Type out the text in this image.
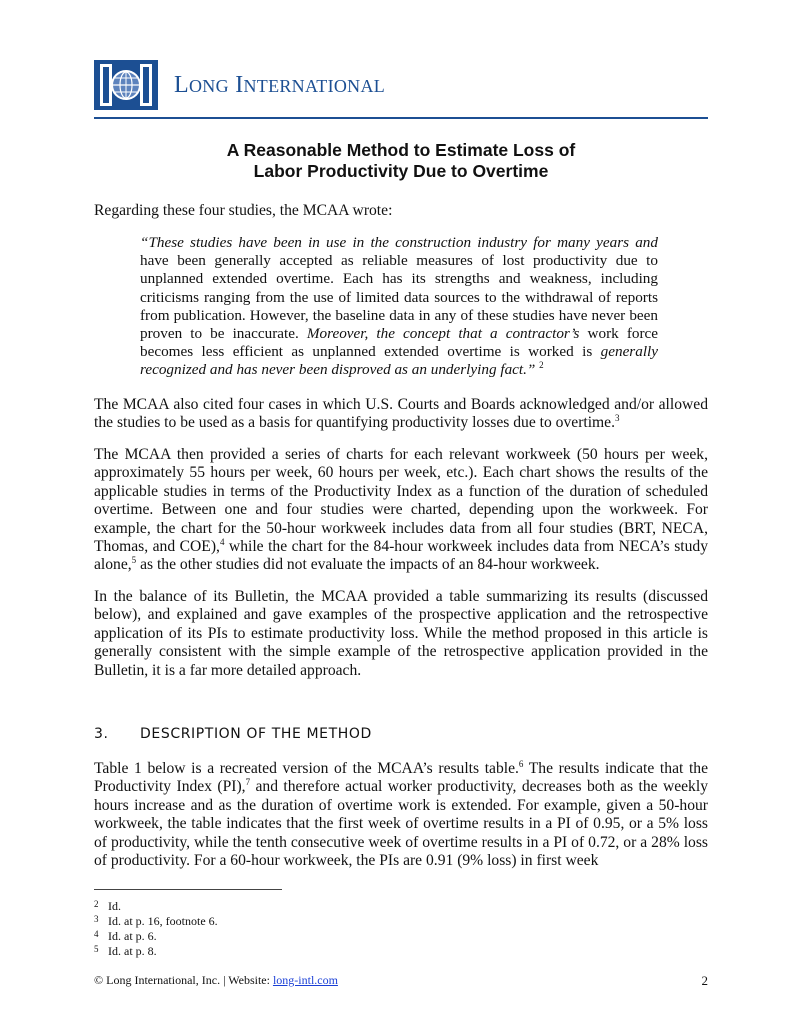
LONG INTERNATIONAL
A Reasonable Method to Estimate Loss of
Labor Productivity Due to Overtime
Regarding these four studies, the MCAA wrote:
“These studies have been in use in the construction industry for many years and have been generally accepted as reliable measures of lost productivity due to unplanned extended overtime. Each has its strengths and weakness, including criticisms ranging from the use of limited data sources to the withdrawal of reports from publication. However, the baseline data in any of these studies have never been proven to be inaccurate. Moreover, the concept that a contractor’s work force becomes less efficient as unplanned extended overtime is worked is generally recognized and has never been disproved as an underlying fact.” $^2$
The MCAA also cited four cases in which U.S. Courts and Boards acknowledged and/or allowed the studies to be used as a basis for quantifying productivity losses due to overtime.$^3$
The MCAA then provided a series of charts for each relevant workweek (50 hours per week, approximately 55 hours per week, 60 hours per week, etc.). Each chart shows the results of the applicable studies in terms of the Productivity Index as a function of the duration of scheduled overtime. Between one and four studies were charted, depending upon the workweek. For example, the chart for the 50-hour workweek includes data from all four studies (BRT, NECA, Thomas, and COE),$^4$ while the chart for the 84-hour workweek includes data from NECA’s study alone,$^5$ as the other studies did not evaluate the impacts of an 84-hour workweek.
In the balance of its Bulletin, the MCAA provided a table summarizing its results (discussed below), and explained and gave examples of the prospective application and the retrospective application of its PIs to estimate productivity loss. While the method proposed in this article is generally consistent with the simple example of the retrospective application provided in the Bulletin, it is a far more detailed approach.
3. DESCRIPTION OF THE METHOD
Table 1 below is a recreated version of the MCAA’s results table.$^6$ The results indicate that the Productivity Index (PI),$^7$ and therefore actual worker productivity, decreases both as the weekly hours increase and as the duration of overtime work is extended. For example, given a 50-hour workweek, the table indicates that the first week of overtime results in a PI of 0.95, or a 5% loss of productivity, while the tenth consecutive week of overtime results in a PI of 0.72, or a 28% loss of productivity. For a 60-hour workweek, the PIs are 0.91 (9% loss) in first week
2 Id.
3 Id. at p. 16, footnote 6.
4 Id. at p. 6.
5 Id. at p. 8.
© Long International, Inc. | Website: long-intl.com	2
